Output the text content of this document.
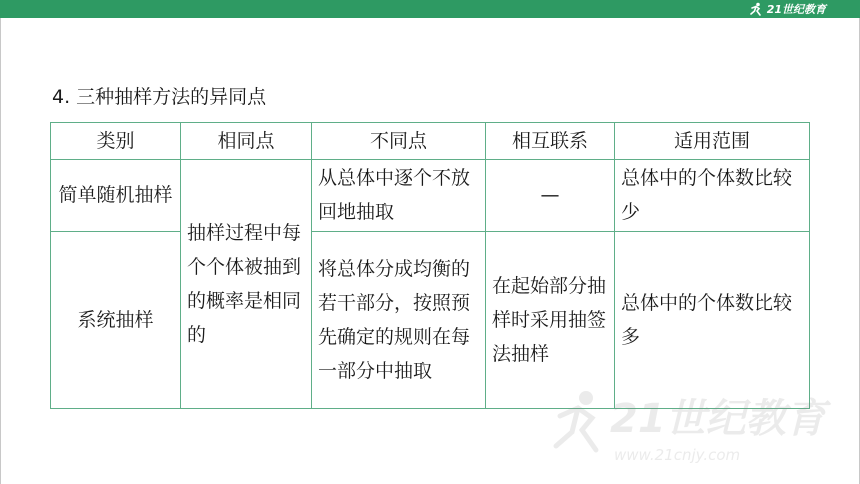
21世纪教育
4. 三种抽样方法的异同点
类别	相同点	不同点	相互联系	适用范围
简单随机抽样	抽样过程中每个个体被抽到的概率是相同的	从总体中逐个不放回地抽取	—	总体中的个体数比较少
系统抽样		将总体分成均衡的若干部分，按照预先确定的规则在每一部分中抽取	在起始部分抽样时采用抽签法抽样	总体中的个体数比较多
21世纪教育
www.21cnjy.com
